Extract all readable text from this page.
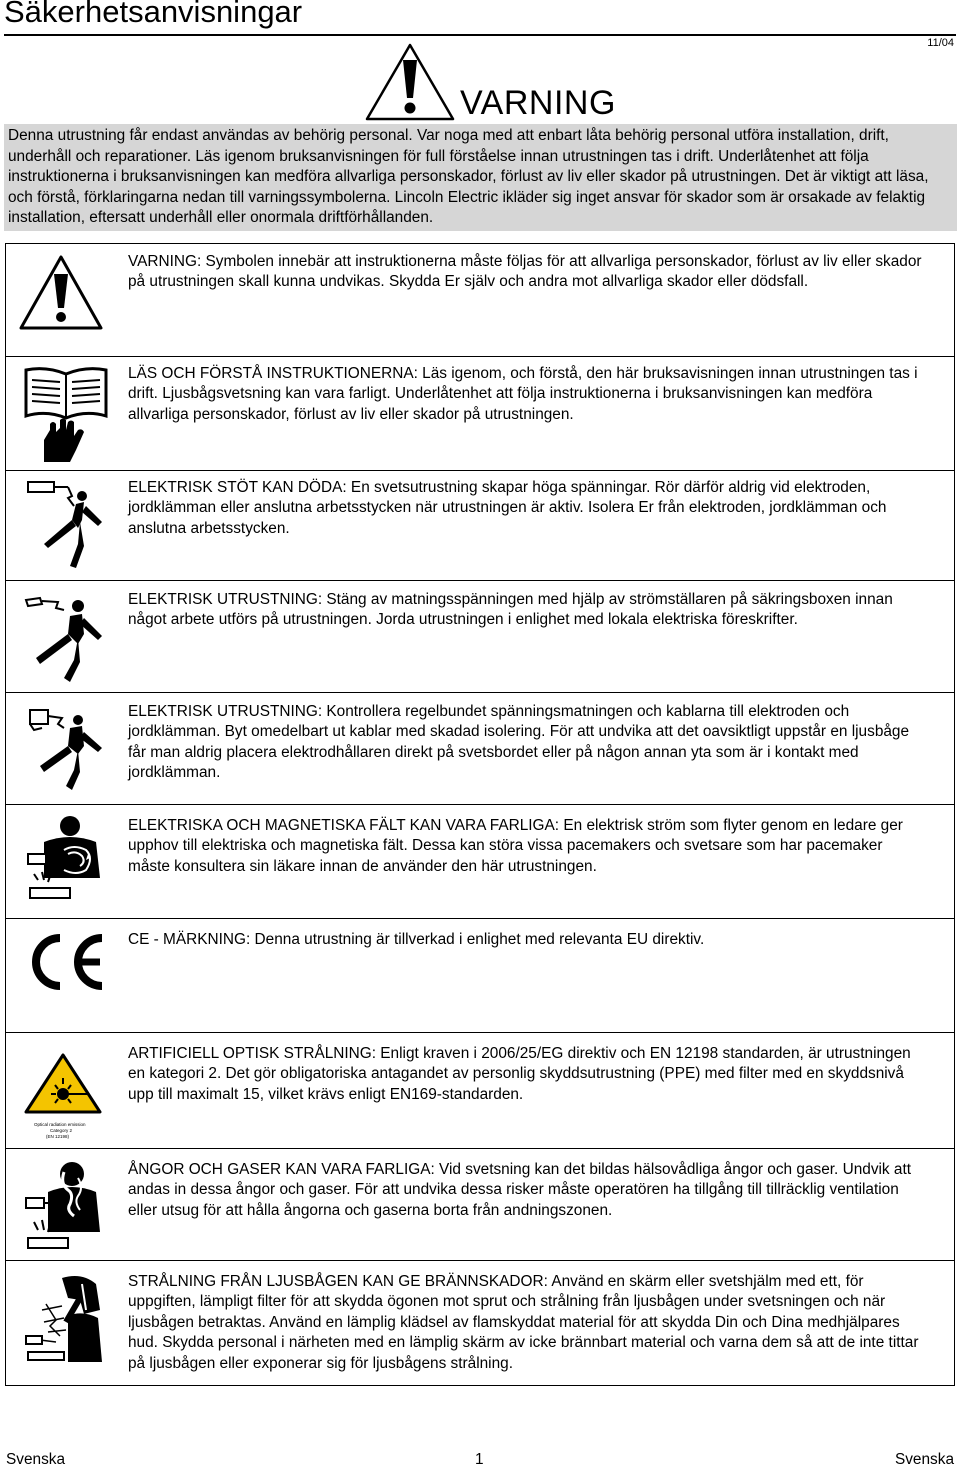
Säkerhetsanvisningar
11/04
VARNING

Denna utrustning får endast användas av behörig personal. Var noga med att enbart låta behörig personal utföra installation, drift, underhåll och reparationer. Läs igenom bruksanvisningen för full förståelse innan utrustningen tas i drift. Underlåtenhet att följa instruktionerna i bruksanvisningen kan medföra allvarliga personskador, förlust av liv eller skador på utrustningen. Det är viktigt att läsa, och förstå, förklaringarna nedan till varningssymbolerna. Lincoln Electric ikläder sig inget ansvar för skador som är orsakade av felaktig installation, eftersatt underhåll eller onormala driftförhållanden.

VARNING: Symbolen innebär att instruktionerna måste följas för att allvarliga personskador, förlust av liv eller skador på utrustningen skall kunna undvikas. Skydda Er själv och andra mot allvarliga skador eller dödsfall.

LÄS OCH FÖRSTÅ INSTRUKTIONERNA: Läs igenom, och förstå, den här bruksavisningen innan utrustningen tas i drift. Ljusbågsvetsning kan vara farligt. Underlåtenhet att följa instruktionerna i bruksanvisningen kan medföra allvarliga personskador, förlust av liv eller skador på utrustningen.

ELEKTRISK STÖT KAN DÖDA: En svetsutrustning skapar höga spänningar. Rör därför aldrig vid elektroden, jordklämman eller anslutna arbetsstycken när utrustningen är aktiv. Isolera Er från elektroden, jordklämman och anslutna arbetsstycken.

ELEKTRISK UTRUSTNING: Stäng av matningsspänningen med hjälp av strömställaren på säkringsboxen innan något arbete utförs på utrustningen. Jorda utrustningen i enlighet med lokala elektriska föreskrifter.

ELEKTRISK UTRUSTNING: Kontrollera regelbundet spänningsmatningen och kablarna till elektroden och jordklämman. Byt omedelbart ut kablar med skadad isolering. För att undvika att det oavsiktligt uppstår en ljusbåge får man aldrig placera elektrodhållaren direkt på svetsbordet eller på någon annan yta som är i kontakt med jordklämman.

ELEKTRISKA OCH MAGNETISKA FÄLT KAN VARA FARLIGA: En elektrisk ström som flyter genom en ledare ger upphov till elektriska och magnetiska fält. Dessa kan störa vissa pacemakers och svetsare som har pacemaker måste konsultera sin läkare innan de använder den här utrustningen.

CE - MÄRKNING: Denna utrustning är tillverkad i enlighet med relevanta EU direktiv.

Optical radiation emission
Category 2
(EN 12198)

ARTIFICIELL OPTISK STRÅLNING: Enligt kraven i 2006/25/EG direktiv och EN 12198 standarden, är utrustningen en kategori 2. Det gör obligatoriska antagandet av personlig skyddsutrustning (PPE) med filter med en skyddsnivå upp till maximalt 15, vilket krävs enligt EN169-standarden.

ÅNGOR OCH GASER KAN VARA FARLIGA: Vid svetsning kan det bildas hälsovådliga ångor och gaser. Undvik att andas in dessa ångor och gaser. För att undvika dessa risker måste operatören ha tillgång till tillräcklig ventilation eller utsug för att hålla ångorna och gaserna borta från andningszonen.

STRÅLNING FRÅN LJUSBÅGEN KAN GE BRÄNNSKADOR: Använd en skärm eller svetshjälm med ett, för uppgiften, lämpligt filter för att skydda ögonen mot sprut och strålning från ljusbågen under svetsningen och när ljusbågen betraktas. Använd en lämplig klädsel av flamskyddat material för att skydda Din och Dina medhjälpares hud. Skydda personal i närheten med en lämplig skärm av icke brännbart material och varna dem så att de inte tittar på ljusbågen eller exponerar sig för ljusbågens strålning.

Svenska	1	Svenska
